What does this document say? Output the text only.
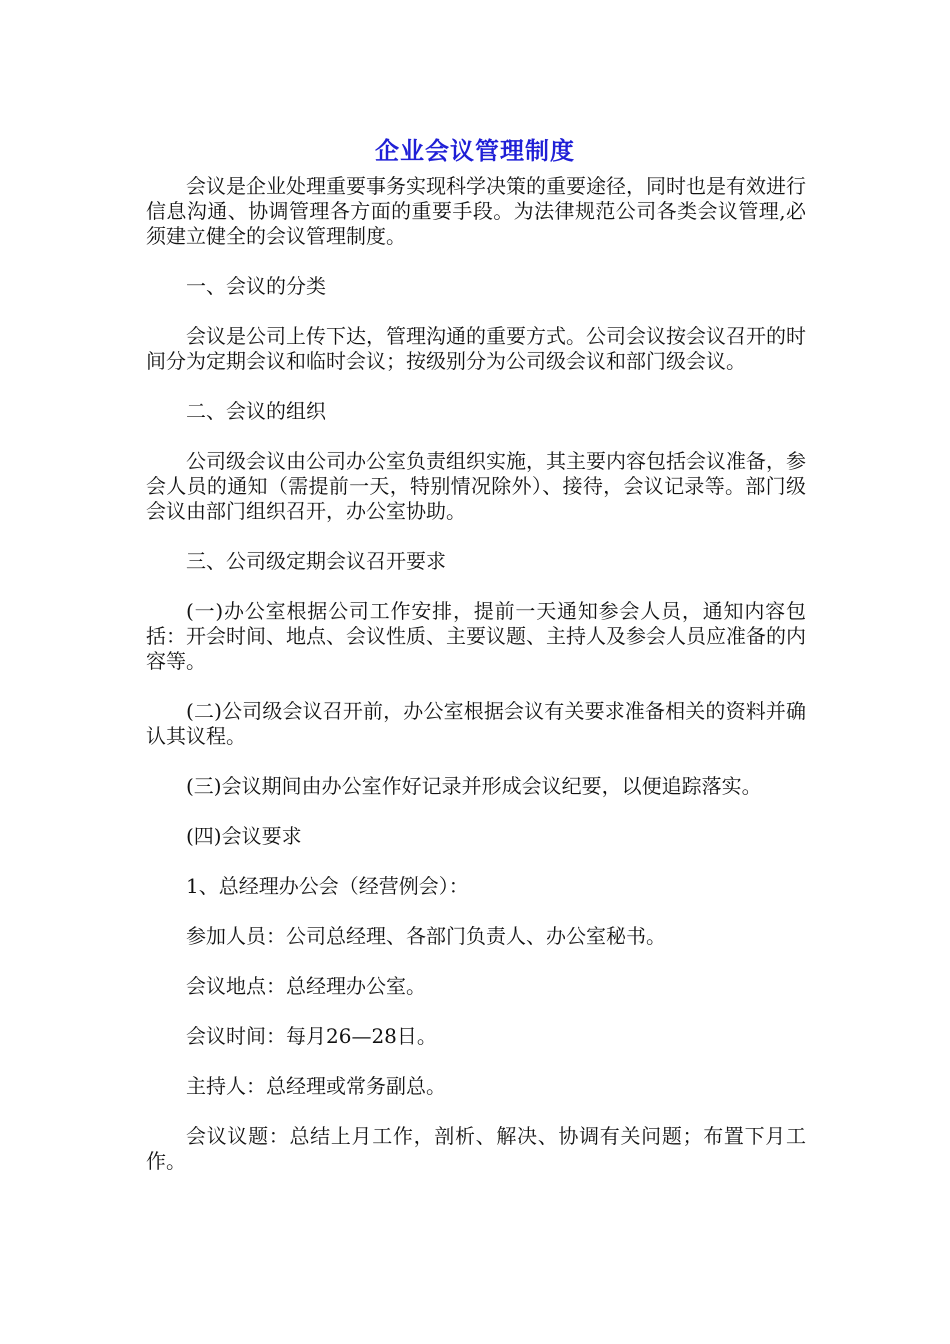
企业会议管理制度

会议是企业处理重要事务实现科学决策的重要途径，同时也是有效进行信息沟通、协调管理各方面的重要手段。为法律规范公司各类会议管理,必须建立健全的会议管理制度。

一、会议的分类

会议是公司上传下达，管理沟通的重要方式。公司会议按会议召开的时间分为定期会议和临时会议；按级别分为公司级会议和部门级会议。

二、会议的组织

公司级会议由公司办公室负责组织实施，其主要内容包括会议准备，参会人员的通知（需提前一天，特别情况除外）、接待，会议记录等。部门级会议由部门组织召开，办公室协助。

三、公司级定期会议召开要求

(一)办公室根据公司工作安排，提前一天通知参会人员，通知内容包括：开会时间、地点、会议性质、主要议题、主持人及参会人员应准备的内容等。

(二)公司级会议召开前，办公室根据会议有关要求准备相关的资料并确认其议程。

(三)会议期间由办公室作好记录并形成会议纪要，以便追踪落实。

(四)会议要求

1、总经理办公会（经营例会）：

参加人员：公司总经理、各部门负责人、办公室秘书。

会议地点：总经理办公室。

会议时间：每月26—28日。

主持人：总经理或常务副总。

会议议题：总结上月工作，剖析、解决、协调有关问题；布置下月工作。
